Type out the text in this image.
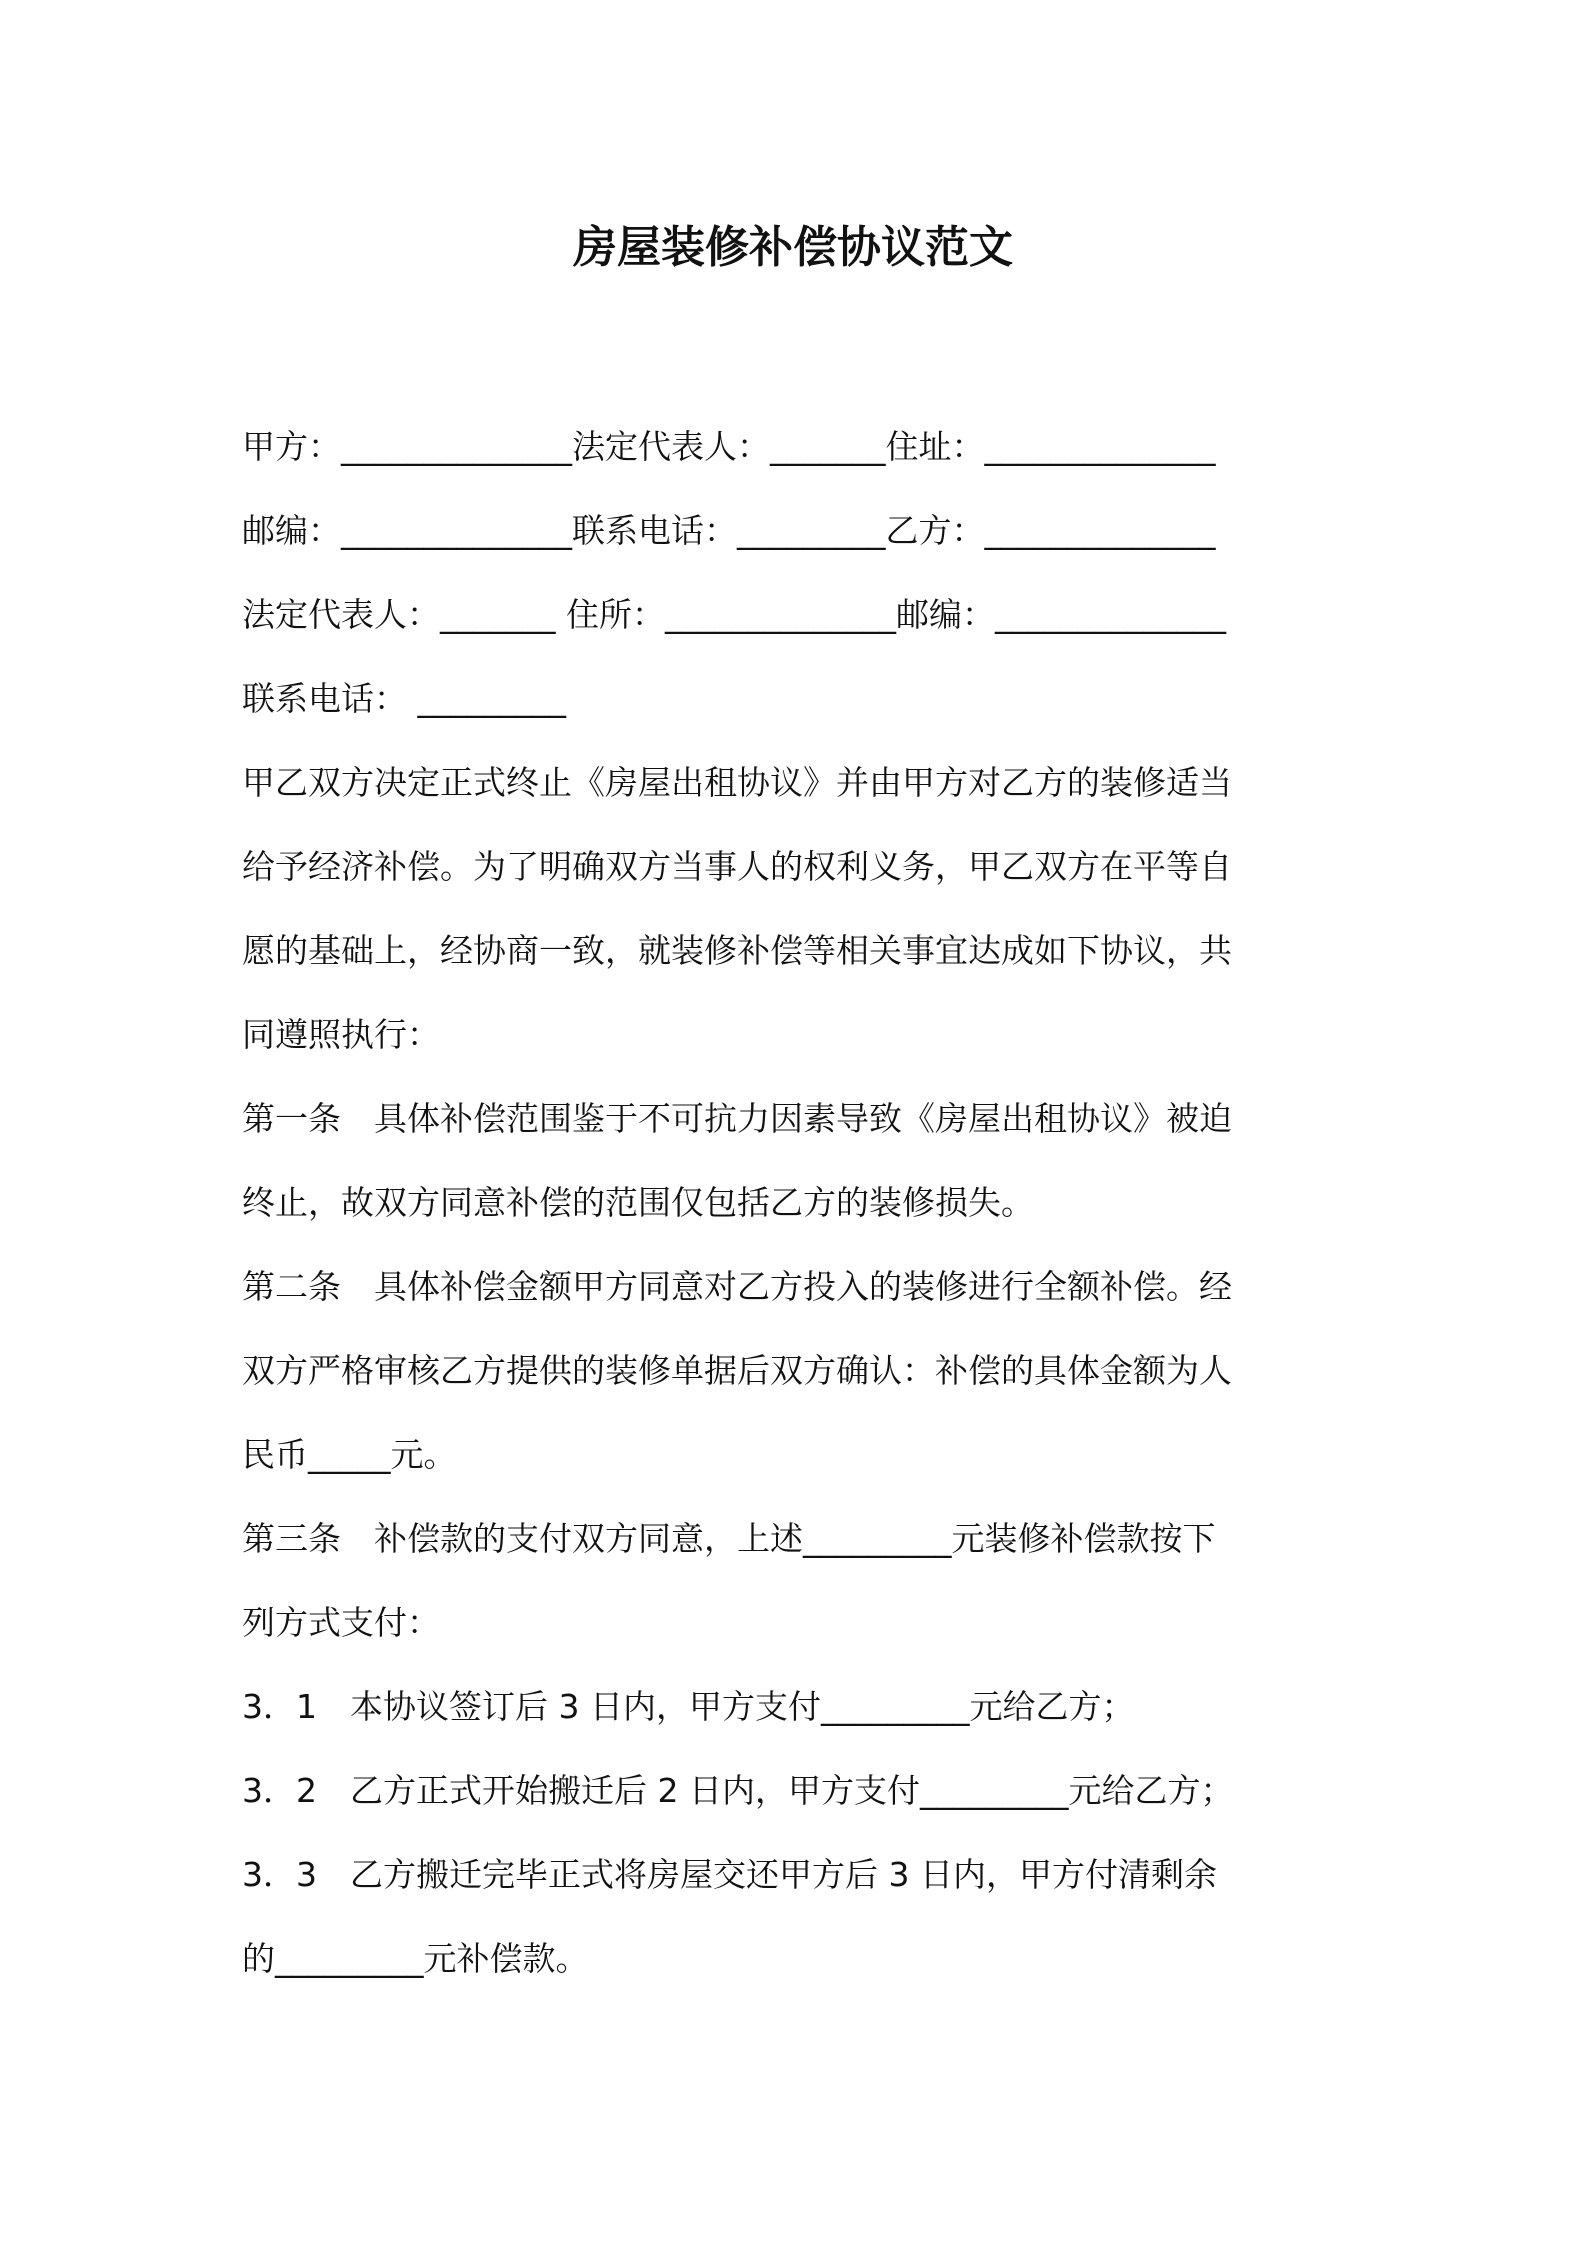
房屋装修补偿协议范文
甲方：______________法定代表人：_______住址：______________
邮编：______________联系电话：_________乙方：______________
法定代表人：_______ 住所：______________邮编：______________
联系电话： _________
甲乙双方决定正式终止《房屋出租协议》并由甲方对乙方的装修适当
给予经济补偿。为了明确双方当事人的权利义务，甲乙双方在平等自
愿的基础上，经协商一致，就装修补偿等相关事宜达成如下协议，共
同遵照执行：
第一条　具体补偿范围鉴于不可抗力因素导致《房屋出租协议》被迫
终止，故双方同意补偿的范围仅包括乙方的装修损失。
第二条　具体补偿金额甲方同意对乙方投入的装修进行全额补偿。经
双方严格审核乙方提供的装修单据后双方确认：补偿的具体金额为人
民币_____元。
第三条　补偿款的支付双方同意，上述_________元装修补偿款按下
列方式支付：
3．1　本协议签订后 3 日内，甲方支付_________元给乙方；
3．2　乙方正式开始搬迁后 2 日内，甲方支付_________元给乙方；
3．3　乙方搬迁完毕正式将房屋交还甲方后 3 日内，甲方付清剩余
的_________元补偿款。
